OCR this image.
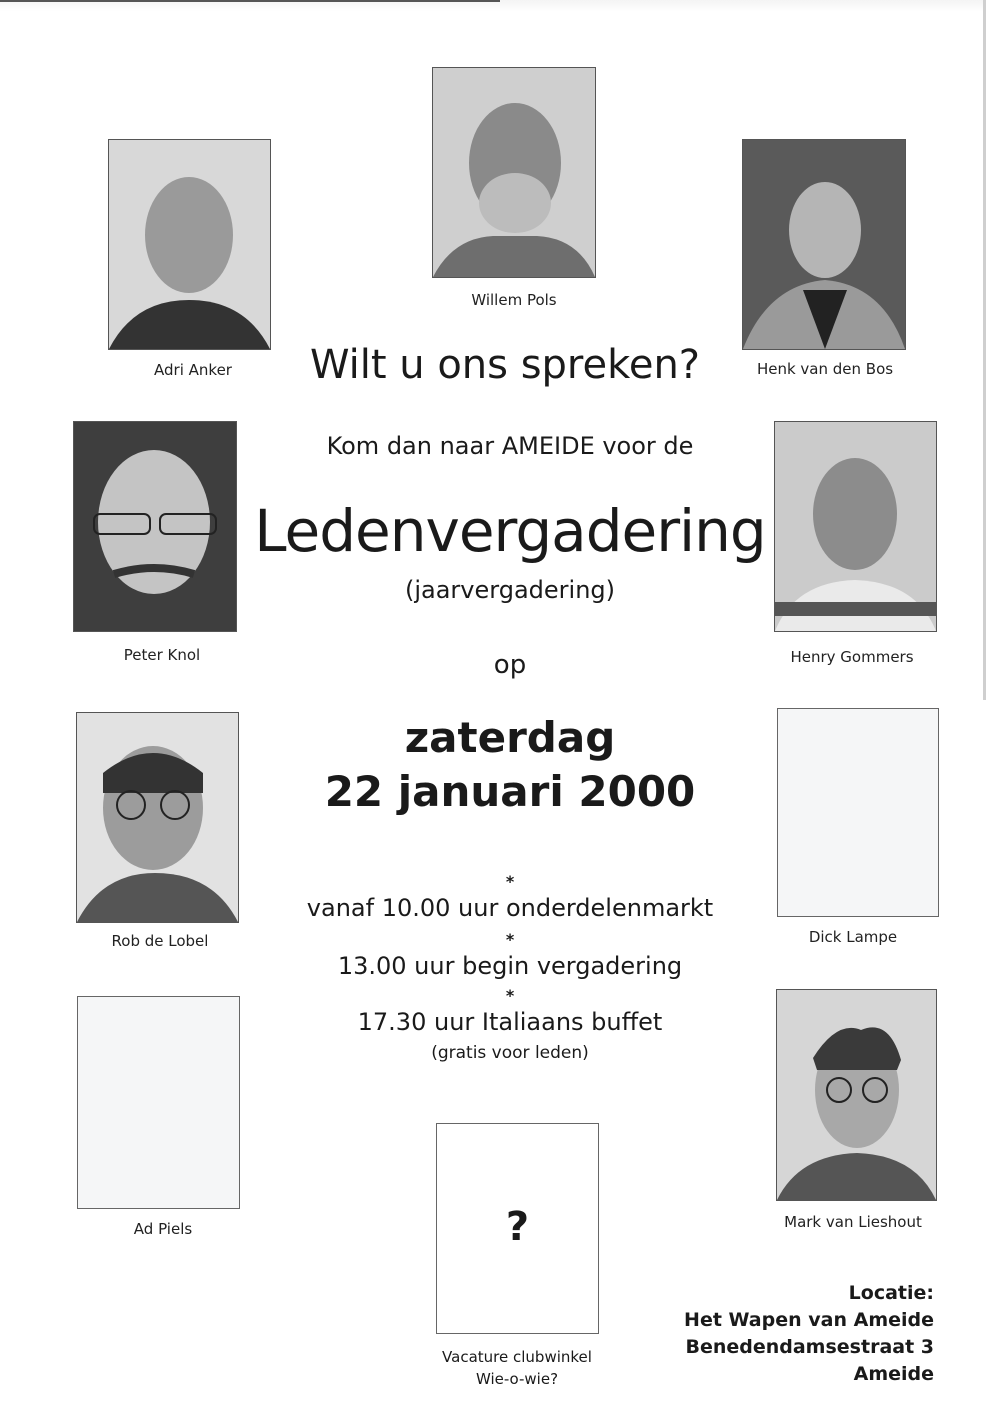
Willem Pols
Adri Anker	Henk van den Bos
Peter Knol	Henry Gommers
Rob de Lobel	Dick Lampe
Ad Piels	Mark van Lieshout
Wilt u ons spreken?
Kom dan naar AMEIDE voor de
Ledenvergadering
(jaarvergadering)
op
zaterdag
22 januari 2000
*
vanaf 10.00 uur onderdelenmarkt
*
13.00 uur begin vergadering
*
17.30 uur Italiaans buffet
(gratis voor leden)
?
Vacature clubwinkel
Wie-o-wie?
Locatie:
Het Wapen van Ameide
Benedendamsestraat 3
Ameide
